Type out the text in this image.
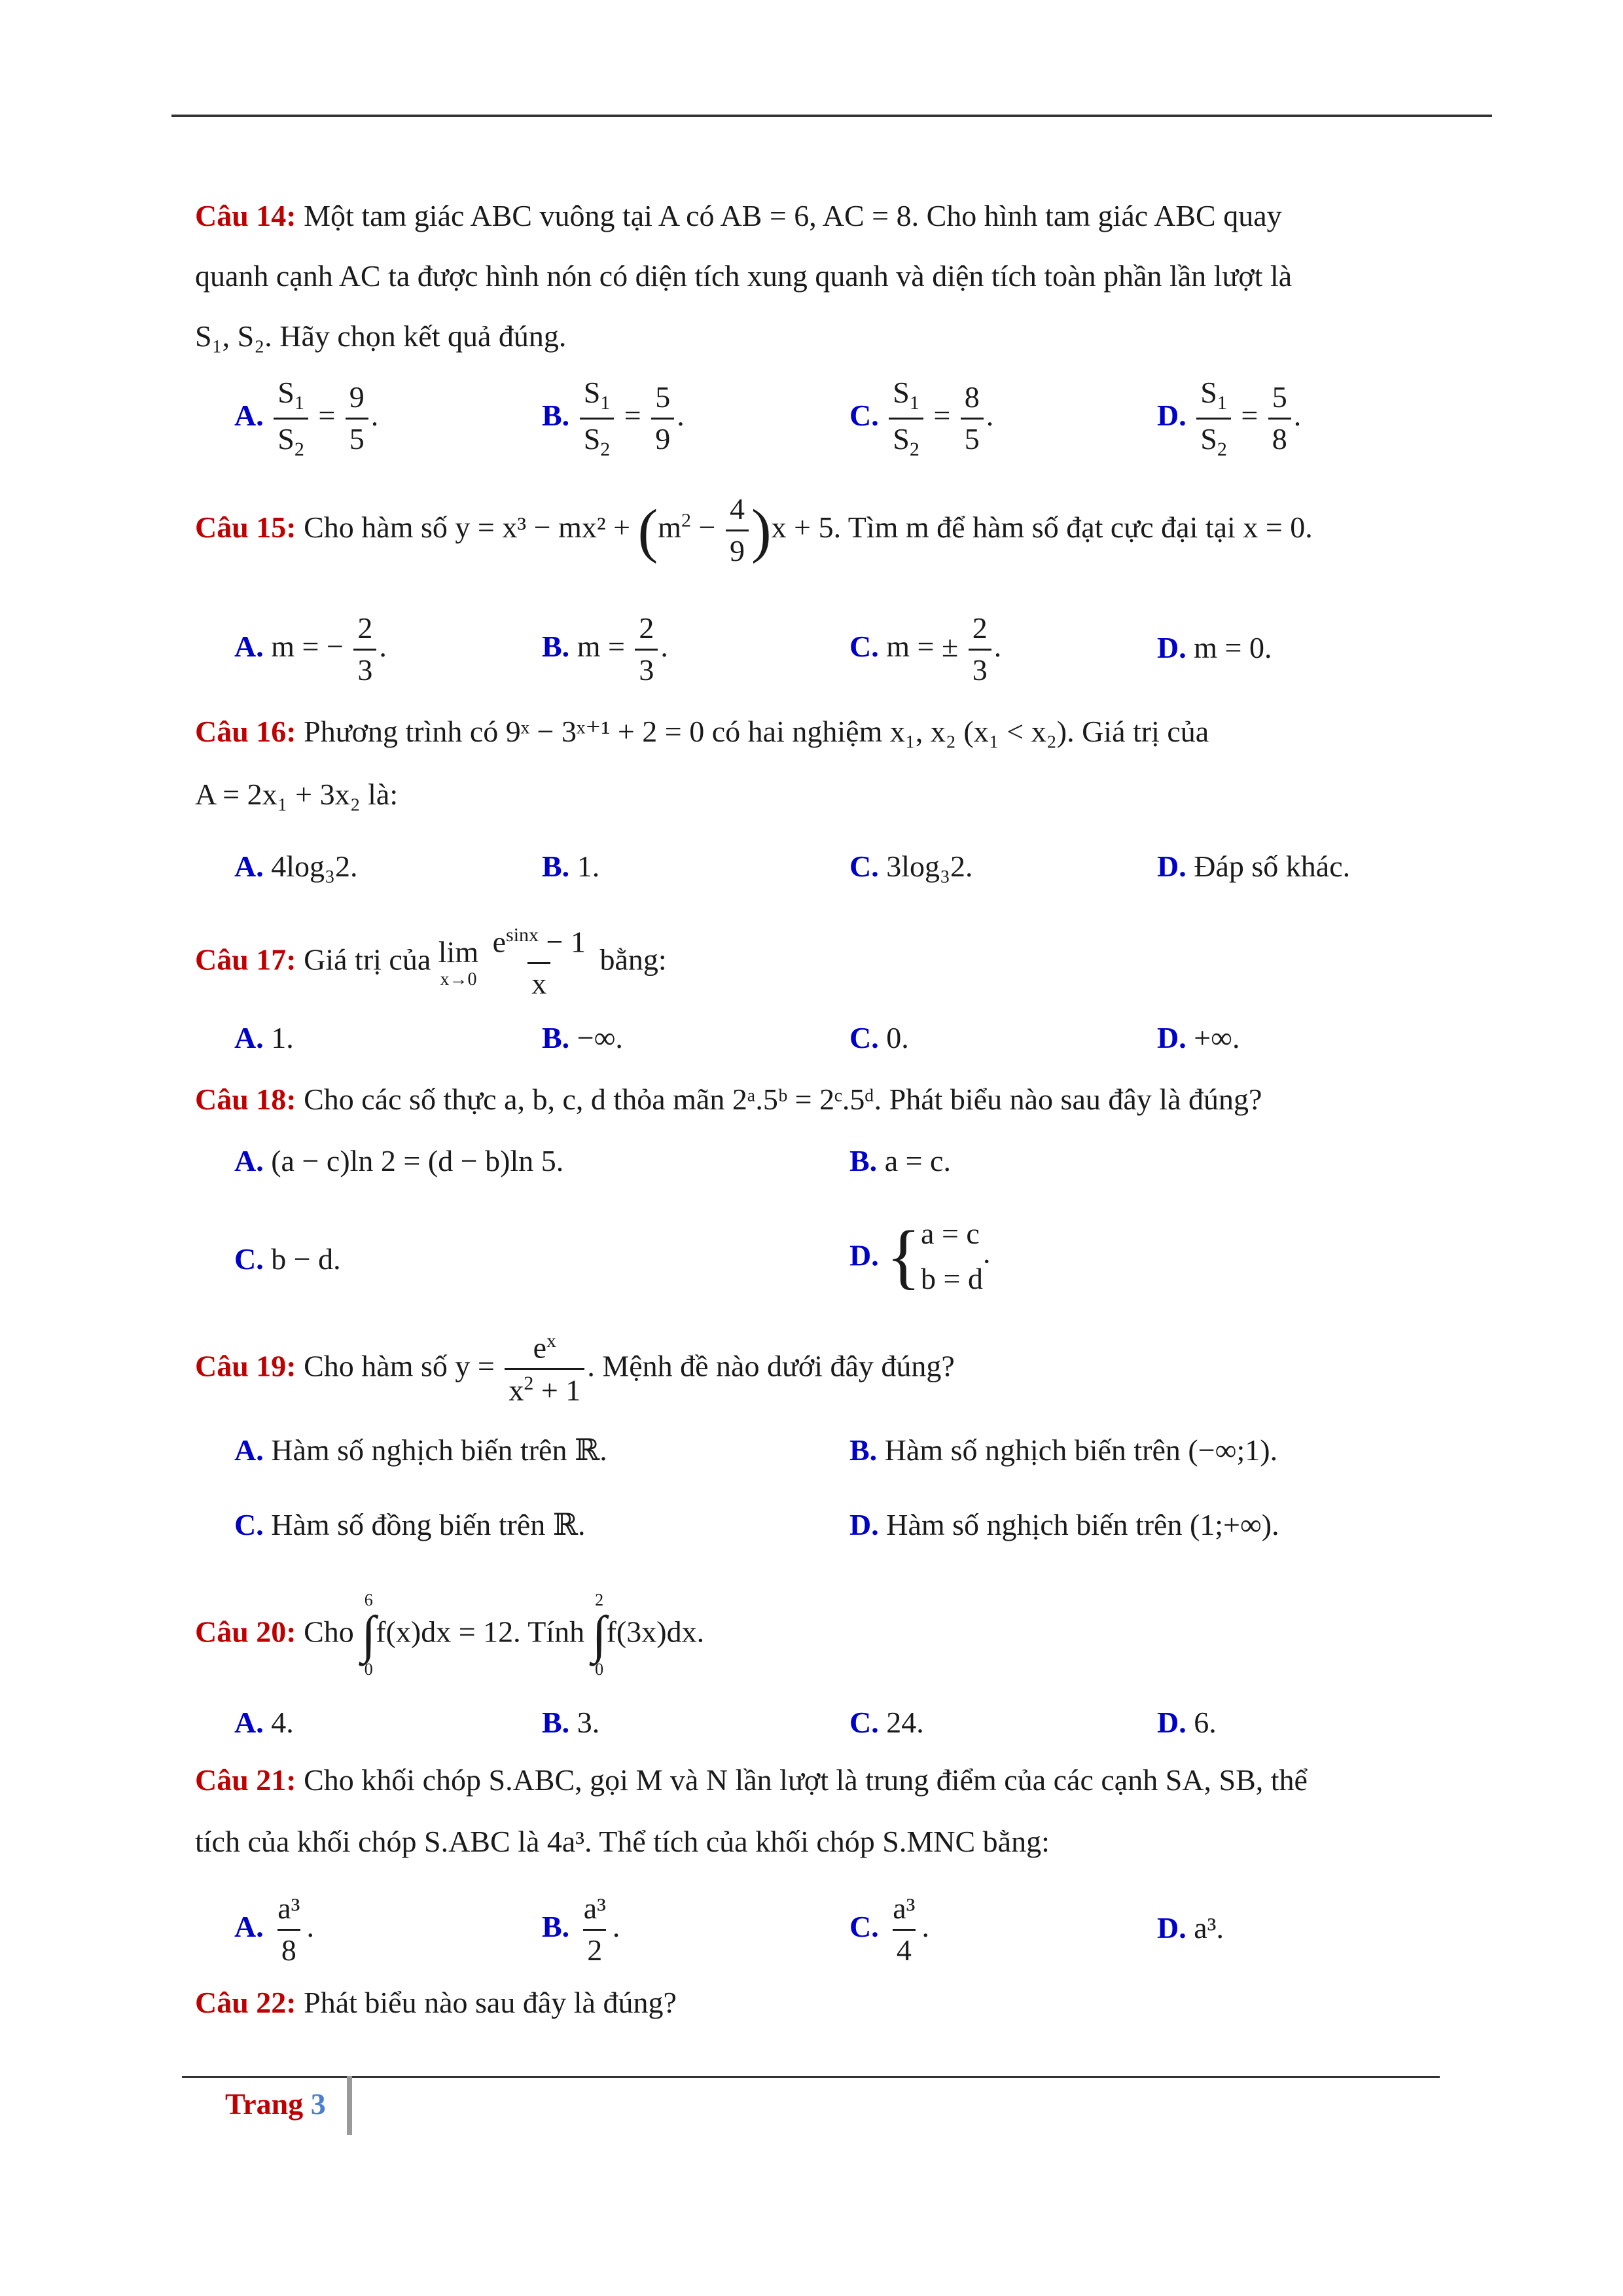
Câu 14: Một tam giác ABC vuông tại A có AB = 6, AC = 8. Cho hình tam giác ABC quay
quanh cạnh AC ta được hình nón có diện tích xung quanh và diện tích toàn phần lần lượt là
S₁, S₂. Hãy chọn kết quả đúng.
A. $\frac{S_1}{S_2} = \frac{9}{5}$ .	B. $\frac{S_1}{S_2} = \frac{5}{9}$ .	C. $\frac{S_1}{S_2} = \frac{8}{5}$ .	D. $\frac{S_1}{S_2} = \frac{5}{8}$ .
Câu 15: Cho hàm số $y = x^3 - mx^2 + (m^2 - \frac{4}{9} )x + 5$. Tìm m để hàm số đạt cực đại tại x = 0.
A. m = − $\frac{2}{3}$ .	B. $m = \frac{2}{3}$ .	C. m = ± $\frac{2}{3}$ .	D. m = 0.
Câu 16: Phương trình có 9ˣ − 3ˣ⁺¹ + 2 = 0 có hai nghiệm x₁, x₂ (x₁ < x₂). Giá trị của
A = 2x₁ + 3x₂ là:
A. 4log₃2.	B. 1.	C. 3log₃2.	D. Đáp số khác.
Câu 17: Giá trị của lim
x→0
$\frac{e^{sinx} - 1}{x}$ bằng:
A. 1.	B. −∞.	C. 0.	D. +∞.
Câu 18: Cho các số thực a, b, c, d thỏa mãn 2ᵃ.5ᵇ = 2ᶜ.5ᵈ. Phát biểu nào sau đây là đúng?
A. (a − c)ln 2 = (d − b)ln 5.	B. a = c.
C. b − d.	D. { a = c
b = d
.
Câu 19: Cho hàm số $y = \frac{e^x}{x^2 + 1}$ . Mệnh đề nào dưới đây đúng?
A. Hàm số nghịch biến trên ℝ.	B. Hàm số nghịch biến trên (−∞;1).
C. Hàm số đồng biến trên ℝ.	D. Hàm số nghịch biến trên (1;+∞).
Câu 20: Cho
6
∫
0
f(x)dx = 12. Tính
2
∫
0
f(3x)dx.
A. 4.	B. 3.	C. 24.	D. 6.
Câu 21: Cho khối chóp S.ABC, gọi M và N lần lượt là trung điểm của các cạnh SA, SB, thể
tích của khối chóp S.ABC là 4a³. Thể tích của khối chóp S.MNC bằng:
A. $\frac{\text{a³}}{8}$ .	B. $\frac{\text{a³}}{2}$ .	C. $\frac{\text{a³}}{4}$ .	D. a³.
Câu 22: Phát biểu nào sau đây là đúng?
Trang 3
